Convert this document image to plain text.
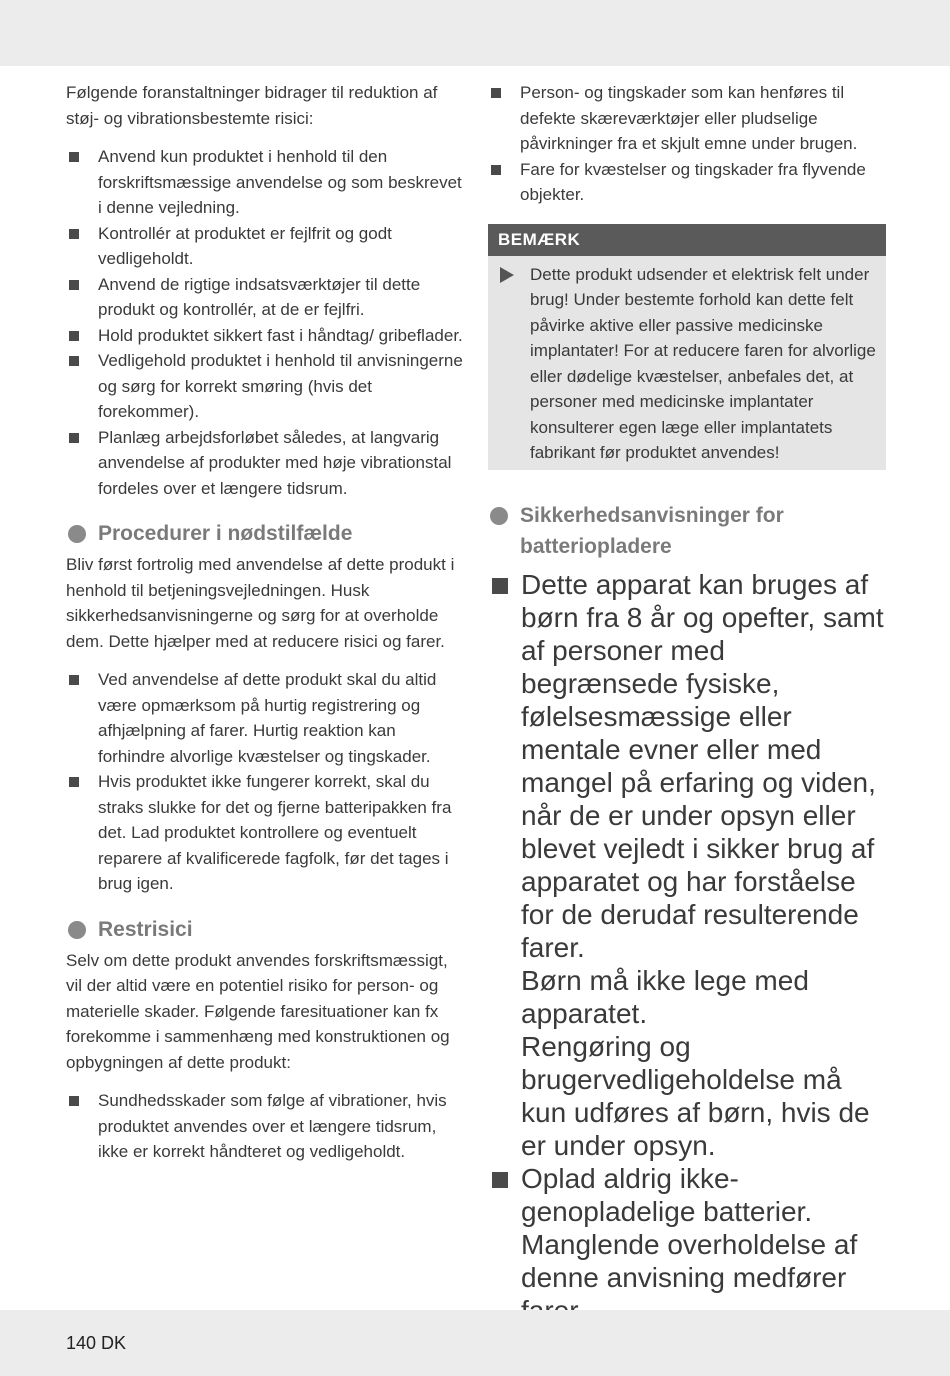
Følgende foranstaltninger bidrager til reduktion af støj- og vibrationsbestemte risici:

Anvend kun produktet i henhold til den forskriftsmæssige anvendelse og som beskrevet i denne vejledning.
Kontrollér at produktet er fejlfrit og godt vedligeholdt.
Anvend de rigtige indsatsværktøjer til dette produkt og kontrollér, at de er fejlfri.
Hold produktet sikkert fast i håndtag/ gribeflader.
Vedligehold produktet i henhold til anvisningerne og sørg for korrekt smøring (hvis det forekommer).
Planlæg arbejdsforløbet således, at langvarig anvendelse af produkter med høje vibrationstal fordeles over et længere tidsrum.
Procedurer i nødstilfælde

Bliv først fortrolig med anvendelse af dette produkt i henhold til betjeningsvejledningen. Husk sikkerhedsanvisningerne og sørg for at overholde dem. Dette hjælper med at reducere risici og farer.

Ved anvendelse af dette produkt skal du altid være opmærksom på hurtig registrering og afhjælpning af farer. Hurtig reaktion kan forhindre alvorlige kvæstelser og tingskader.
Hvis produktet ikke fungerer korrekt, skal du straks slukke for det og fjerne batteripakken fra det. Lad produktet kontrollere og eventuelt reparere af kvalificerede fagfolk, før det tages i brug igen.
Restrisici

Selv om dette produkt anvendes forskriftsmæssigt, vil der altid være en potentiel risiko for person- og materielle skader. Følgende faresituationer kan fx forekomme i sammenhæng med konstruktionen og opbygningen af dette produkt:

Sundhedsskader som følge af vibrationer, hvis produktet anvendes over et længere tidsrum, ikke er korrekt håndteret og vedligeholdt.
Person- og tingskader som kan henføres til defekte skæreværktøjer eller pludselige påvirkninger fra et skjult emne under brugen.
Fare for kvæstelser og tingskader fra flyvende objekter.
BEMÆRK
Dette produkt udsender et elektrisk felt under brug! Under bestemte forhold kan dette felt påvirke aktive eller passive medicinske implantater! For at reducere faren for alvorlige eller dødelige kvæstelser, anbefales det, at personer med medicinske implantater konsulterer egen læge eller implantatets fabrikant før produktet anvendes!
Sikkerhedsanvisninger for batteriopladere

Dette apparat kan bruges af børn fra 8 år og opefter, samt af personer med begrænsede fysiske, følelsesmæssige eller mentale evner eller med mangel på erfaring og viden, når de er under opsyn eller blevet vejledt i sikker brug af apparatet og har forståelse for de derudaf resulterende farer.

Børn må ikke lege med apparatet.

Rengøring og brugervedligeholdelse må kun udføres af børn, hvis de er under opsyn.

Oplad aldrig ikke-genopladelige batterier. Manglende overholdelse af denne anvisning medfører

140 DK
